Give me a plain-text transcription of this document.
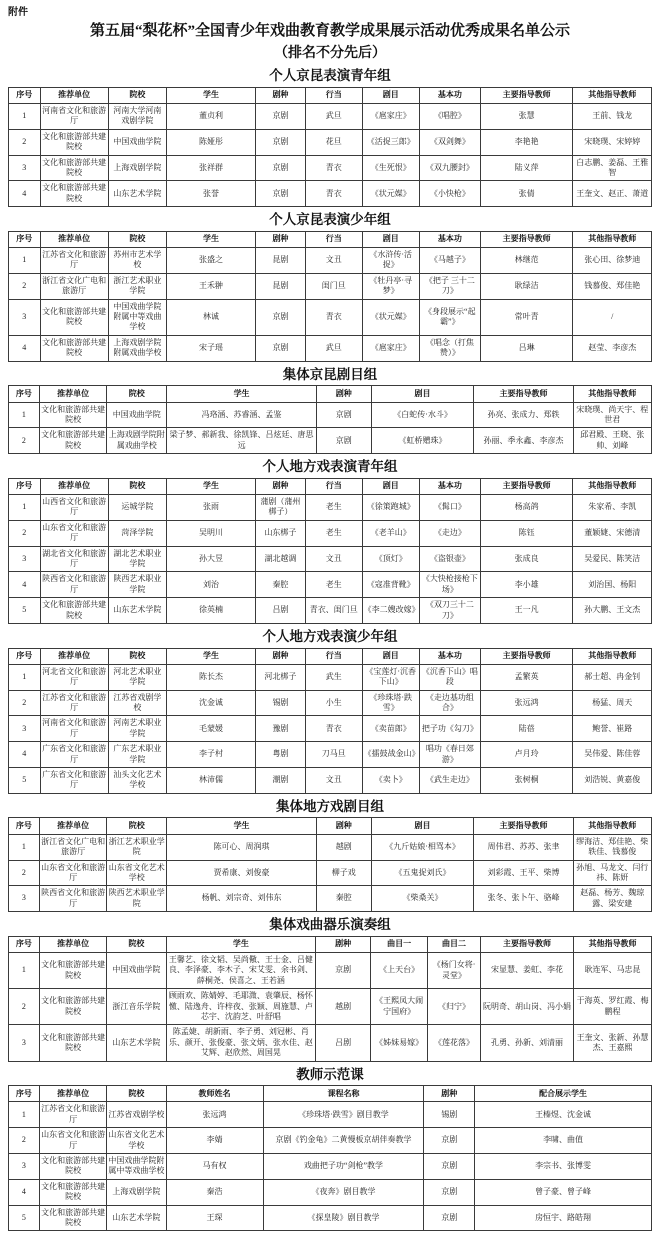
附件
第五届“梨花杯”全国青少年戏曲教育教学成果展示活动优秀成果名单公示
（排名不分先后）
个人京昆表演青年组
序号	推荐单位	院校	学生	剧种	行当	剧目	基本功	主要指导教师	其他指导教师
1	河南省文化和旅游厅	河南大学河南戏剧学院	董贞利	京剧	武旦	《扈家庄》	《唱腔》	张慧	王前、钱龙
2	文化和旅游部共建院校	中国戏曲学院	陈娅彤	京剧	花旦	《活捉三郎》	《双剑舞》	李艳艳	宋晓璞、宋婷婷
3	文化和旅游部共建院校	上海戏剧学院	张祥群	京剧	青衣	《生死恨》	《双九腰封》	陆义萍	白志鹏、姜磊、王雅智
4	文化和旅游部共建院校	山东艺术学院	张誉	京剧	青衣	《状元媒》	《小快枪》	张倩	王奎文、赵正、萧道
个人京昆表演少年组
序号	推荐单位	院校	学生	剧种	行当	剧目	基本功	主要指导教师	其他指导教师
1	江苏省文化和旅游厅	苏州市艺术学校	张盛之	昆剧	文丑	《水浒传·活捉》	《马越子》	林继范	张心田、徐梦迪
2	浙江省文化广电和旅游厅	浙江艺术职业学院	王禾翀	昆剧	闺门旦	《牡丹亭·寻梦》	《把子 三十二刀》	耿绿洁	钱慕俊、郑佳艳
3	文化和旅游部共建院校	中国戏曲学院附属中等戏曲学校	林诚	京剧	青衣	《状元媒》	《身段展示“起霸”》	常叶青	/
4	文化和旅游部共建院校	上海戏剧学院附属戏曲学校	宋子瑶	京剧	武旦	《扈家庄》	《唱念（打焦赞）》	吕琳	赵莹、李彦杰
集体京昆剧目组
序号	推荐单位	院校	学生	剧种	剧目	主要指导教师	其他指导教师
1	文化和旅游部共建院校	中国戏曲学院	冯珞涵、苏睿涵、孟鉴	京剧	《白蛇传·水斗》	孙亮、张成力、郑轶	宋晓璞、尚天宇、程世君
2	文化和旅游部共建院校	上海戏剧学院附属戏曲学校	梁子梦、郝新我、徐凯锋、吕炫廷、唐思远	京剧	《虹桥赠珠》	孙丽、季永鑫、李彦杰	邱君殿、王晓、张帅、刘峰
个人地方戏表演青年组
序号	推荐单位	院校	学生	剧种	行当	剧目	基本功	主要指导教师	其他指导教师
1	山西省文化和旅游厅	运城学院	张雨	蒲剧（蒲州梆子）	老生	《徐策跑城》	《髯口》	杨高鸽	朱家希、李凯
2	山东省文化和旅游厅	菏泽学院	吴明川	山东梆子	老生	《老羊山》	《走边》	陈钰	董颖婕、宋德清
3	湖北省文化和旅游厅	湖北艺术职业学院	孙大昱	湖北越调	文丑	《顶灯》	《盗银壶》	张成良	吴爱民、陈笑洁
4	陕西省文化和旅游厅	陕西艺术职业学院	刘治	秦腔	老生	《寇准背靴》	《大快枪接枪下场》	李小雄	刘治国、杨阳
5	文化和旅游部共建院校	山东艺术学院	徐英楠	吕剧	青衣、闺门旦	《李二嫂改嫁》	《双刀三十二刀》	王一凡	孙大鹏、王文杰
个人地方戏表演少年组
序号	推荐单位	院校	学生	剧种	行当	剧目	基本功	主要指导教师	其他指导教师
1	河北省文化和旅游厅	河北艺术职业学院	陈长杰	河北梆子	武生	《宝莲灯·沉香下山》	《沉香下山》唱段	孟繁英	郝士超、冉金钊
2	江苏省文化和旅游厅	江苏省戏剧学校	沈金诚	锡剧	小生	《珍珠塔·跌雪》	《走边基功组合》	张远鸿	杨猛、周天
3	河南省文化和旅游厅	河南艺术职业学院	毛蒙媛	豫剧	青衣	《卖苗郎》	把子功《勾刀》	陆蓓	鲍誉、崔路
4	广东省文化和旅游厅	广东艺术职业学院	李子村	粤剧	刀马旦	《擂鼓战金山》	唱功《春日郊游》	卢月玲	吴伟爱、陈佳蓉
5	广东省文化和旅游厅	汕头文化艺术学校	林沛儒	潮剧	文丑	《卖卜》	《武生走边》	张树桐	刘浩锐、黄嘉俊
集体地方戏剧目组
序号	推荐单位	院校	学生	剧种	剧目	主要指导教师	其他指导教师
1	浙江省文化广电和旅游厅	浙江艺术职业学院	陈可心、周润琪	越剧	《九斤姑娘·相骂本》	周伟君、苏苏、张聿	缪海洁、郑佳艳、柴轶佳、钱慕俊
2	山东省文化和旅游厅	山东省文化艺术学校	贾希康、刘俊豪	柳子戏	《五鬼捉刘氏》	刘彩霞、王平、柴博	孙旭、马龙文、闫行祎、陈妍
3	陕西省文化和旅游厅	陕西艺术职业学院	杨帆、刘宗奇、刘伟东	秦腔	《柴桑关》	张冬、张卜午、骆峰	赵磊、杨芳、魏琼露、梁安建
集体戏曲器乐演奏组
序号	推荐单位	院校	学生	剧种	曲目一	曲目二	主要指导教师	其他指导教师
1	文化和旅游部共建院校	中国戏曲学院	王馨艺、徐文韬、吴尚儆、王士金、吕健良、李泽豪、李木子、宋艾雯、余书剑、薛桐尧、侯喜之、王若涵	京剧	《上天台》	《杨门女将·灵堂》	宋显慧、姜虹、李花	耿连军、马忠昆
2	文化和旅游部共建院校	浙江音乐学院	顾雨欢、陈婧婷、毛耶溦、袁肇辰、杨怀憿、陆逸舟、许梓夜、张颖、周施慧、卢芯宇、沈韵芝、叶舒唱	越剧	《王熙凤大闹宁国府》	《归宁》	阮明奇、胡山岗、冯小娟	于海英、罗红霞、梅鹏程
3	文化和旅游部共建院校	山东艺术学院	陈孟婕、胡新雨、李子勇、刘冠彬、肖乐、颜开、张俊豪、张文炳、张水佳、赵艾辉、赵欣然、周国晃	吕剧	《姊妹易嫁》	《莲花落》	孔勇、孙新、刘清丽	王奎文、张新、孙慧杰、王嘉熙
教师示范课
序号	推荐单位	院校	教师姓名	课程名称	剧种	配合展示学生
1	江苏省文化和旅游厅	江苏省戏剧学校	张远鸿	《珍珠塔·跌雪》剧目教学	锡剧	王榛煜、沈金诚
2	山东省文化和旅游厅	山东省文化艺术学校	李婧	京剧《钓金龟》二黄慢板京胡伴奏教学	京剧	李啸、曲值
3	文化和旅游部共建院校	中国戏曲学院附属中等戏曲学校	马有权	戏曲把子功“剑枪”教学	京剧	李宗书、张博雯
4	文化和旅游部共建院校	上海戏剧学院	秦浩	《夜奔》剧目教学	京剧	曾子豪、曾子峰
5	文化和旅游部共建院校	山东艺术学院	王琛	《探皇陵》剧目教学	京剧	房恒宇、路皓翔
